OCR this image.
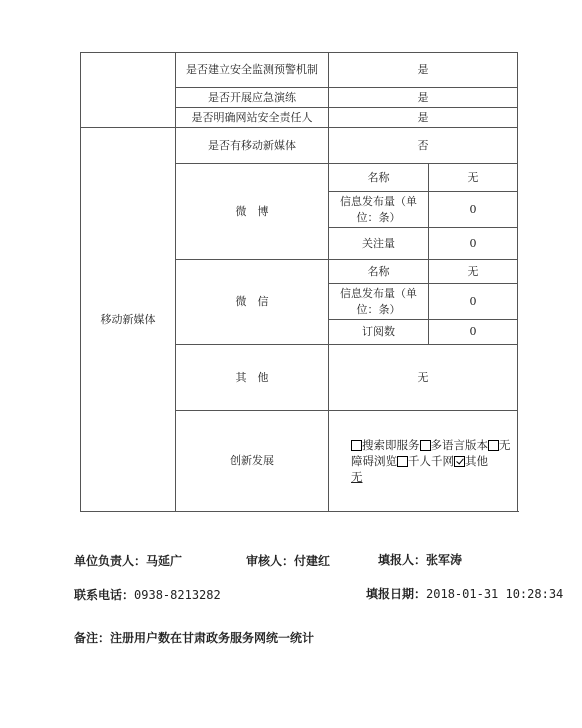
	是否建立安全监测预警机制	是	
	是否开展应急演练	是	
	是否明确网站安全责任人	是	
移动新媒体	是否有移动新媒体	否	
	微　博	名称	无
		信息发布量（单位：条）	0
		关注量	0
	微　信	名称	无
		信息发布量（单位：条）	0
		订阅数	0
	其　他	无	
	创新发展	搜索即服务 多语言版本 无障碍浏览 千人千网 其他
无	
单位负责人：马延广	审核人：付建红	填报人：张军涛
联系电话：0938-8213282	填报日期：2018-01-31 10:28:34
备注：注册用户数在甘肃政务服务网统一统计
